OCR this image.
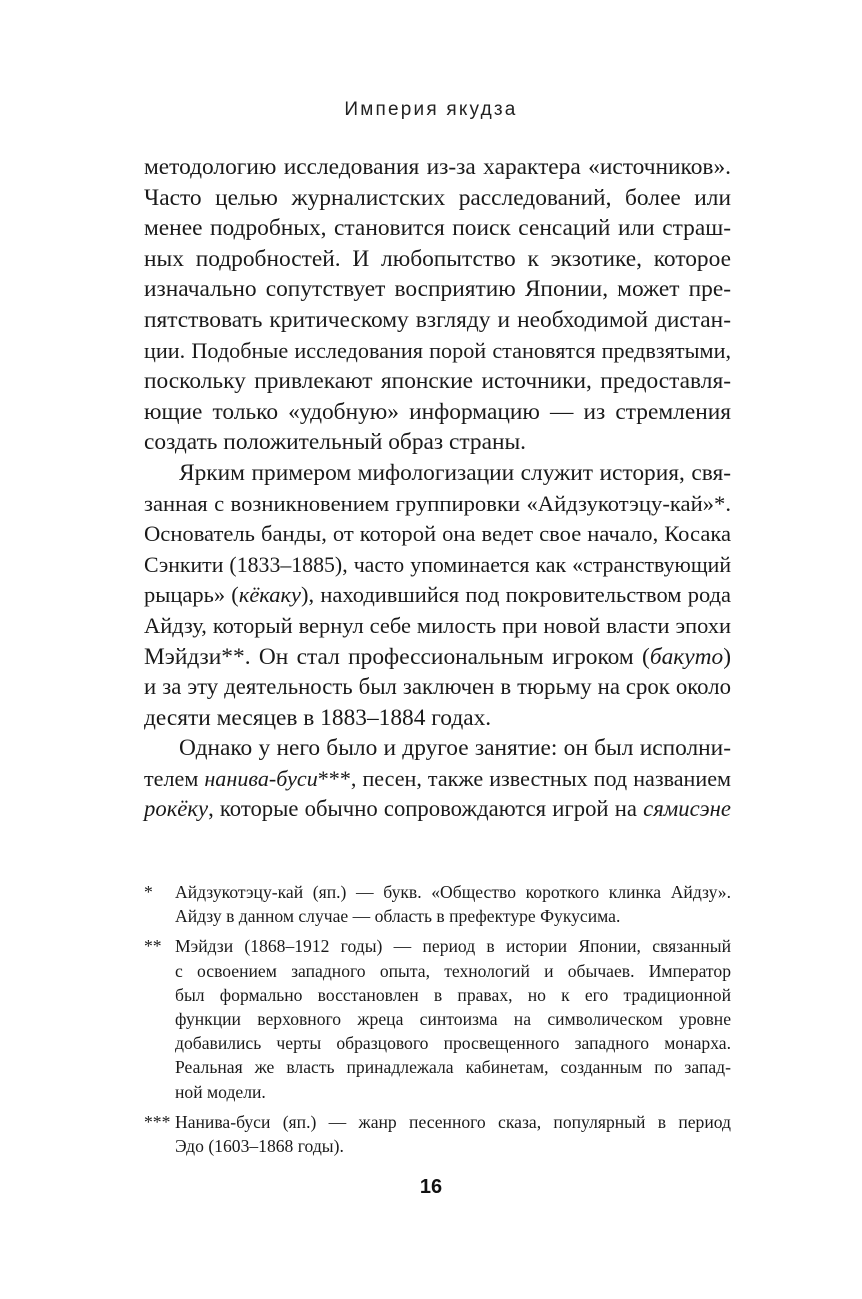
Империя якудза
методологию исследования из-за характера «источников».
Часто целью журналистских расследований, более или
менее подробных, становится поиск сенсаций или страш-
ных подробностей. И любопытство к экзотике, которое
изначально сопутствует восприятию Японии, может пре-
пятствовать критическому взгляду и необходимой дистан-
ции. Подобные исследования порой становятся предвзятыми,
поскольку привлекают японские источники, предоставля-
ющие только «удобную» информацию — из стремления
создать положительный образ страны.
Ярким примером мифологизации служит история, свя-
занная с возникновением группировки «Айдзукотэцу-кай»*.
Основатель банды, от которой она ведет свое начало, Косака
Сэнкити (1833–1885), часто упоминается как «странствующий
рыцарь» (кёкаку), находившийся под покровительством рода
Айдзу, который вернул себе милость при новой власти эпохи
Мэйдзи**. Он стал профессиональным игроком (бакуто)
и за эту деятельность был заключен в тюрьму на срок около
десяти месяцев в 1883–1884 годах.
Однако у него было и другое занятие: он был исполни-
телем нанива-буси***, песен, также известных под названием
рокёку, которые обычно сопровождаются игрой на сямисэне
* Айдзукотэцу-кай (яп.) — букв. «Общество короткого клинка Айдзу».
Айдзу в данном случае — область в префектуре Фукусима.
** Мэйдзи (1868–1912 годы) — период в истории Японии, связанный
с освоением западного опыта, технологий и обычаев. Император
был формально восстановлен в правах, но к его традиционной
функции верховного жреца синтоизма на символическом уровне
добавились черты образцового просвещенного западного монарха.
Реальная же власть принадлежала кабинетам, созданным по запад-
ной модели.
*** Нанива-буси (яп.) — жанр песенного сказа, популярный в период
Эдо (1603–1868 годы).
16
